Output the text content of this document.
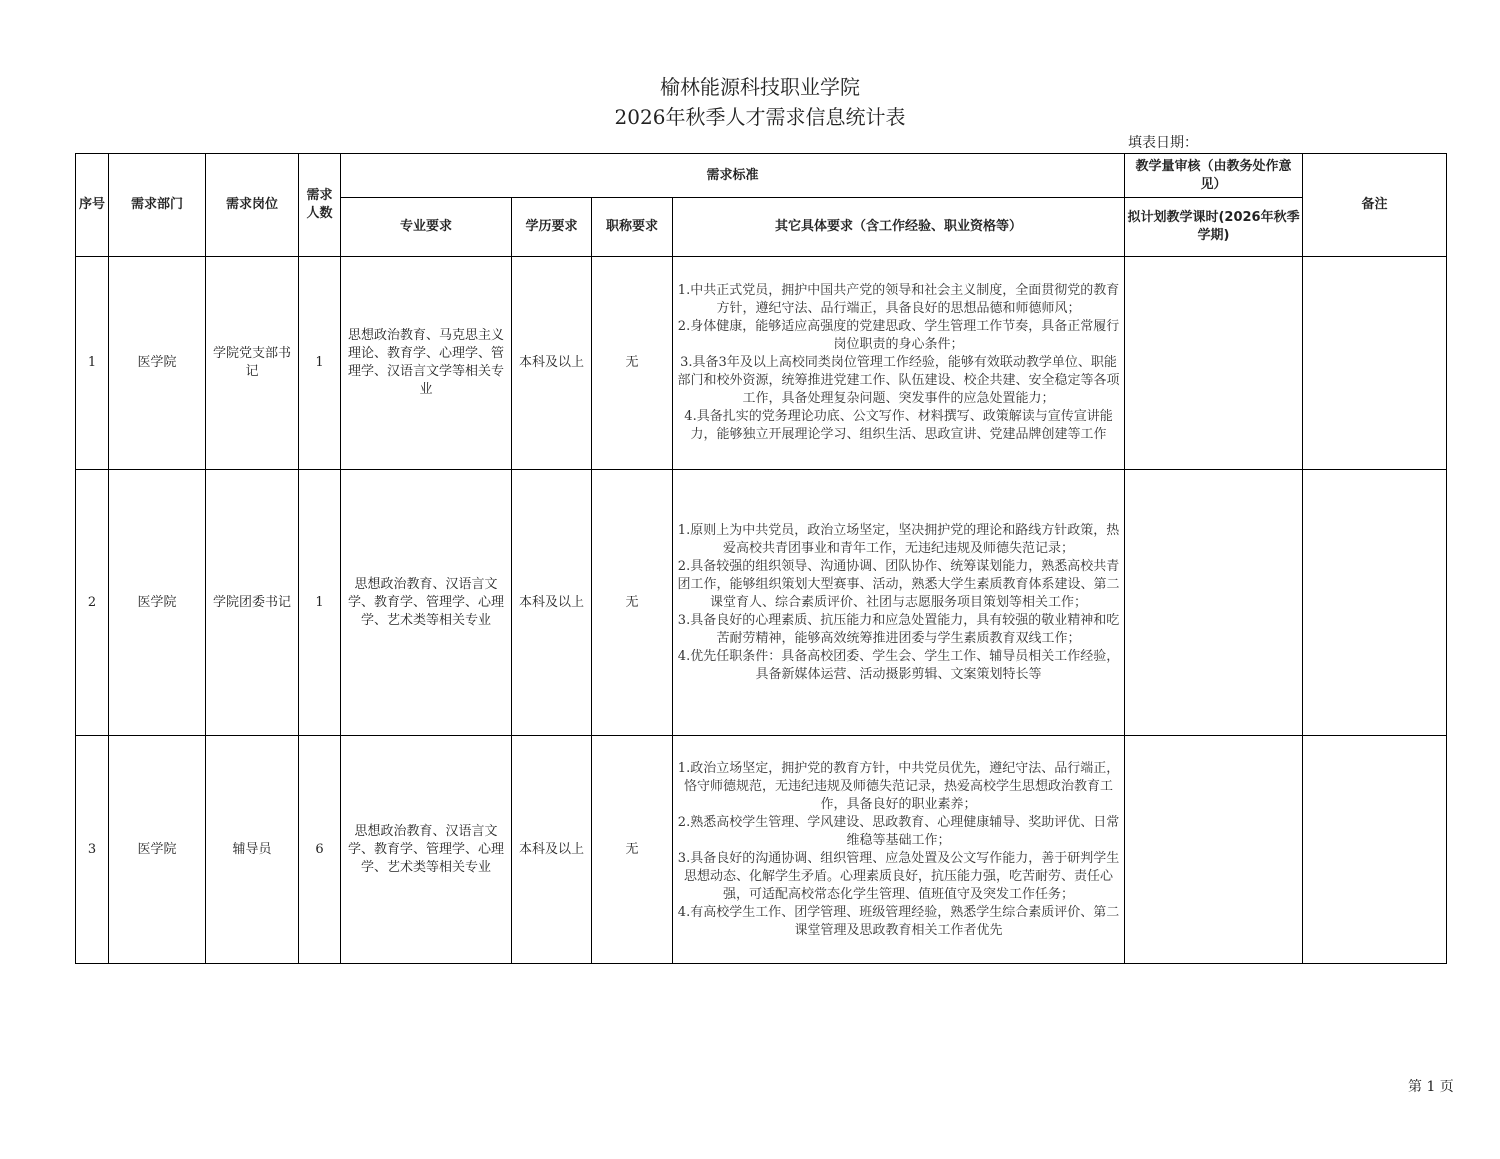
榆林能源科技职业学院
2026年秋季人才需求信息统计表
填表日期：
序号	需求部门	需求岗位	需求人数	需求标准				教学量审核（由教务处作意见）	备注
				专业要求	学历要求	职称要求	其它具体要求（含工作经验、职业资格等）	拟计划教学课时(2026年秋季学期)	
1	医学院	学院党支部书记	1	思想政治教育、马克思主义理论、教育学、心理学、管理学、汉语言文学等相关专业	本科及以上	无	1.中共正式党员，拥护中国共产党的领导和社会主义制度，全面贯彻党的教育方针，遵纪守法、品行端正，具备良好的思想品德和师德师风；
2.身体健康，能够适应高强度的党建思政、学生管理工作节奏，具备正常履行岗位职责的身心条件；
3.具备3年及以上高校同类岗位管理工作经验，能够有效联动教学单位、职能部门和校外资源，统筹推进党建工作、队伍建设、校企共建、安全稳定等各项工作，具备处理复杂问题、突发事件的应急处置能力；
4.具备扎实的党务理论功底、公文写作、材料撰写、政策解读与宣传宣讲能力，能够独立开展理论学习、组织生活、思政宣讲、党建品牌创建等工作		

2	医学院	学院团委书记	1	思想政治教育、汉语言文学、教育学、管理学、心理学、艺术类等相关专业	本科及以上	无	1.原则上为中共党员，政治立场坚定，坚决拥护党的理论和路线方针政策，热爱高校共青团事业和青年工作，无违纪违规及师德失范记录；
2.具备较强的组织领导、沟通协调、团队协作、统筹谋划能力，熟悉高校共青团工作，能够组织策划大型赛事、活动，熟悉大学生素质教育体系建设、第二课堂育人、综合素质评价、社团与志愿服务项目策划等相关工作；
3.具备良好的心理素质、抗压能力和应急处置能力，具有较强的敬业精神和吃苦耐劳精神，能够高效统筹推进团委与学生素质教育双线工作；
4.优先任职条件：具备高校团委、学生会、学生工作、辅导员相关工作经验，具备新媒体运营、活动摄影剪辑、文案策划特长等		

3	医学院	辅导员	6	思想政治教育、汉语言文学、教育学、管理学、心理学、艺术类等相关专业	本科及以上	无	1.政治立场坚定，拥护党的教育方针，中共党员优先，遵纪守法、品行端正，恪守师德规范，无违纪违规及师德失范记录，热爱高校学生思想政治教育工作，具备良好的职业素养；
2.熟悉高校学生管理、学风建设、思政教育、心理健康辅导、奖助评优、日常维稳等基础工作；
3.具备良好的沟通协调、组织管理、应急处置及公文写作能力，善于研判学生思想动态、化解学生矛盾。心理素质良好，抗压能力强，吃苦耐劳、责任心强，可适配高校常态化学生管理、值班值守及突发工作任务；
4.有高校学生工作、团学管理、班级管理经验，熟悉学生综合素质评价、第二课堂管理及思政教育相关工作者优先		

第 1 页
